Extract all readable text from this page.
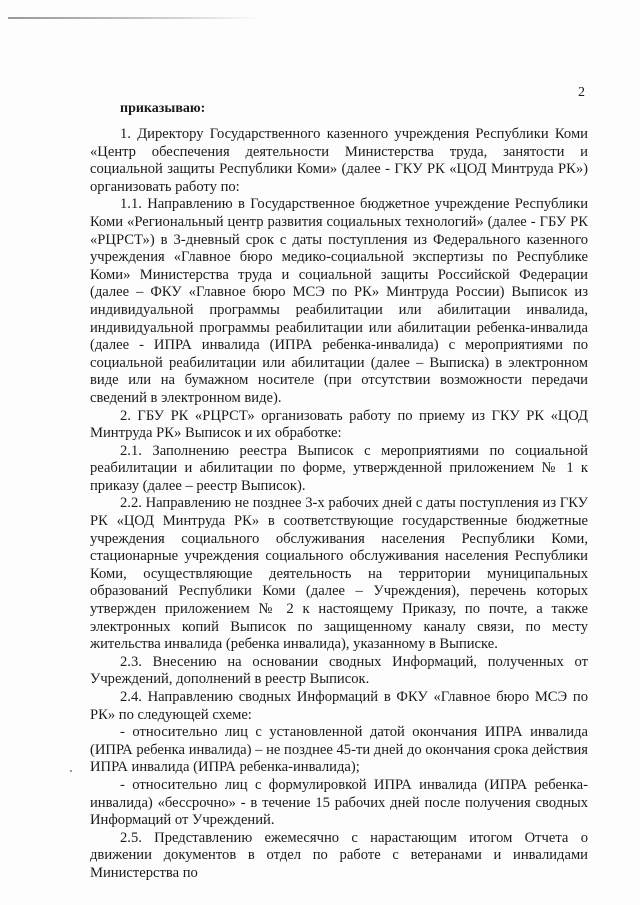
2
приказываю:

1. Директору Государственного казенного учреждения Республики Коми «Центр обеспечения деятельности Министерства труда, занятости и социальной защиты Республики Коми» (далее - ГКУ РК «ЦОД Минтруда РК») организовать работу по:

1.1. Направлению в Государственное бюджетное учреждение Республики Коми «Региональный центр развития социальных технологий» (далее - ГБУ РК «РЦРСТ») в 3-дневный срок с даты поступления из Федерального казенного учреждения «Главное бюро медико-социальной экспертизы по Республике Коми» Министерства труда и социальной защиты Российской Федерации (далее – ФКУ «Главное бюро МСЭ по РК» Минтруда России) Выписок из индивидуальной программы реабилитации или абилитации инвалида, индивидуальной программы реабилитации или абилитации ребенка-инвалида (далее - ИПРА инвалида (ИПРА ребенка-инвалида) с мероприятиями по социальной реабилитации или абилитации (далее – Выписка) в электронном виде или на бумажном носителе (при отсутствии возможности передачи сведений в электронном виде).

2. ГБУ РК «РЦРСТ» организовать работу по приему из ГКУ РК «ЦОД Минтруда РК» Выписок и их обработке:

2.1. Заполнению реестра Выписок с мероприятиями по социальной реабилитации и абилитации по форме, утвержденной приложением № 1 к приказу (далее – реестр Выписок).

2.2. Направлению не позднее 3-х рабочих дней с даты поступления из ГКУ РК «ЦОД Минтруда РК» в соответствующие государственные бюджетные учреждения социального обслуживания населения Республики Коми, стационарные учреждения социального обслуживания населения Республики Коми, осуществляющие деятельность на территории муниципальных образований Республики Коми (далее – Учреждения), перечень которых утвержден приложением № 2 к настоящему Приказу, по почте, а также электронных копий Выписок по защищенному каналу связи, по месту жительства инвалида (ребенка инвалида), указанному в Выписке.

2.3. Внесению на основании сводных Информаций, полученных от Учреждений, дополнений в реестр Выписок.

2.4. Направлению сводных Информаций в ФКУ «Главное бюро МСЭ по РК» по следующей схеме:

- относительно лиц с установленной датой окончания ИПРА инвалида (ИПРА ребенка инвалида) – не позднее 45-ти дней до окончания срока действия ИПРА инвалида (ИПРА ребенка-инвалида);

- относительно лиц с формулировкой ИПРА инвалида (ИПРА ребенка-инвалида) «бессрочно» - в течение 15 рабочих дней после получения сводных Информаций от Учреждений.

2.5. Представлению ежемесячно с нарастающим итогом Отчета о движении документов в отдел по работе с ветеранами и инвалидами Министерства по
